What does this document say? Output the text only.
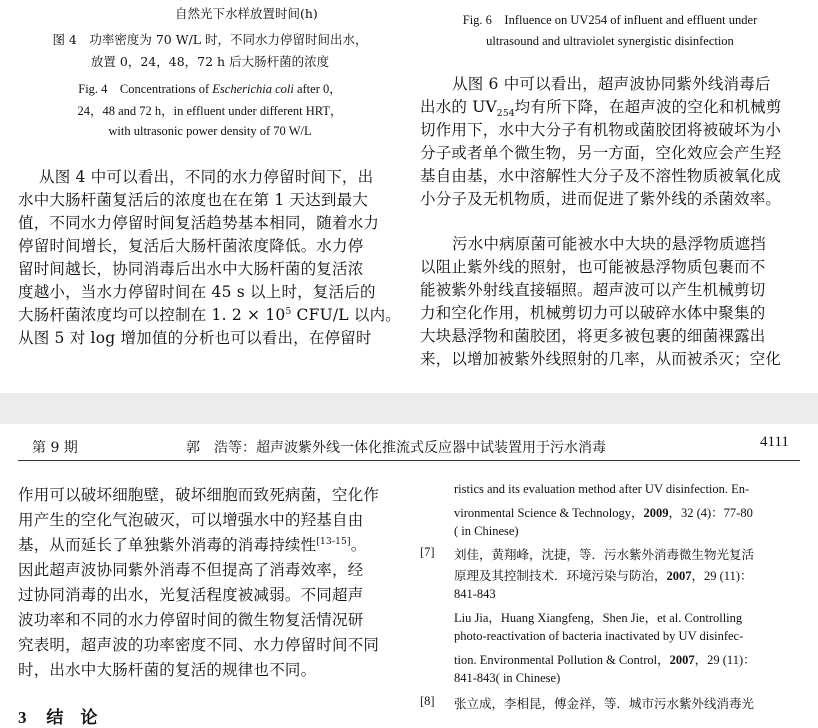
自然光下水样放置时间(h)
图 4　功率密度为 70 W/L 时，不同水力停留时间出水，
放置 0，24，48，72 h 后大肠杆菌的浓度
Fig. 4　Concentrations of Escherichia coli after 0，
24，48 and 72 h，in effluent under different HRT，
with ultrasonic power density of 70 W/L
从图 4 中可以看出，不同的水力停留时间下，出
水中大肠杆菌复活后的浓度也在在第 1 天达到最大
值，不同水力停留时间复活趋势基本相同，随着水力
停留时间增长，复活后大肠杆菌浓度降低。水力停
留时间越长，协同消毒后出水中大肠杆菌的复活浓
度越小，当水力停留时间在 45 s 以上时，复活后的
大肠杆菌浓度均可以控制在 1. $2 \times 10^5$ CFU/L 以内。
从图 5 对 log 增加值的分析也可以看出，在停留时
Fig. 6　Influence on UV254 of influent and effluent under
ultrasound and ultraviolet synergistic disinfection
从图 6 中可以看出，超声波协同紫外线消毒后
出水的 $UV_{254}$均有所下降，在超声波的空化和机械剪
切作用下，水中大分子有机物或菌胶团将被破坏为小
分子或者单个微生物，另一方面，空化效应会产生羟
基自由基，水中溶解性大分子及不溶性物质被氧化成
小分子及无机物质，进而促进了紫外线的杀菌效率。
污水中病原菌可能被水中大块的悬浮物质遮挡
以阻止紫外线的照射，也可能被悬浮物质包裹而不
能被紫外射线直接辐照。超声波可以产生机械剪切
力和空化作用，机械剪切力可以破碎水体中聚集的
大块悬浮物和菌胶团，将更多被包裹的细菌裸露出
来，以增加被紫外线照射的几率，从而被杀灭；空化
第 9 期	郭　浩等：超声波紫外线一体化推流式反应器中试装置用于污水消毒	4111
作用可以破坏细胞壁，破坏细胞而致死病菌，空化作
用产生的空化气泡破灭，可以增强水中的羟基自由
基，从而延长了单独紫外消毒的消毒持续性[13-15]。
因此超声波协同紫外消毒不但提高了消毒效率，经
过协同消毒的出水，光复活程度被减弱。不同超声
波功率和不同的水力停留时间的微生物复活情况研
究表明，超声波的功率密度不同、水力停留时间不同
时，出水中大肠杆菌的复活的规律也不同。
3 结　论
ristics and its evaluation method after UV disinfection. En-
vironmental Science & Technology，2009，32 (4)：77-80
( in Chinese)
[7] 刘佳，黄翔峰，沈捷，等．污水紫外消毒微生物光复活
原理及其控制技术．环境污染与防治，2007，29 (11)：
841-843
Liu Jia，Huang Xiangfeng，Shen Jie，et al. Controlling
photo-reactivation of bacteria inactivated by UV disinfec-
tion. Environmental Pollution & Control，2007，29 (11)：
841-843( in Chinese)
[8] 张立成，李相昆，傅金祥，等．城市污水紫外线消毒光
